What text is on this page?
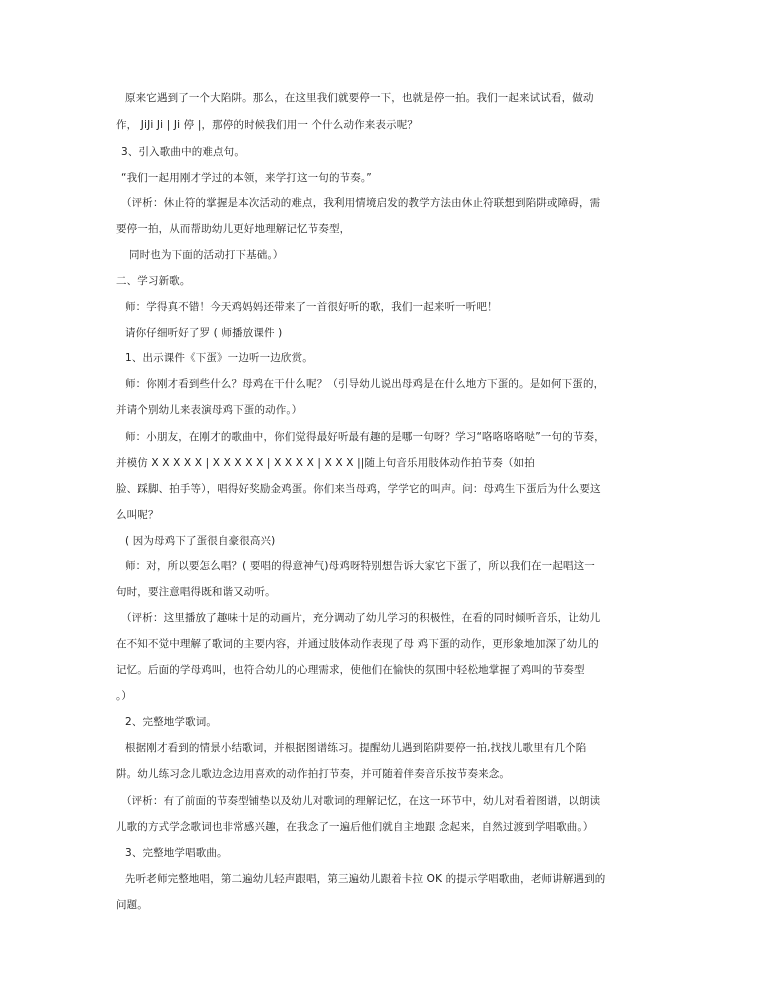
原来它遇到了一个大陷阱。那么，在这里我们就要停一下，也就是停一拍。我们一起来试试看，做动

作， JiJi Ji | Ji 停 |，那停的时候我们用一 个什么动作来表示呢？

3、引入歌曲中的难点句。

“我们一起用刚才学过的本领，来学打这一句的节奏。”

（评析：休止符的掌握是本次活动的难点，我利用情境启发的教学方法由休止符联想到陷阱或障碍，需

要停一拍，从而帮助幼儿更好地理解记忆节奏型，

同时也为下面的活动打下基础。）

二、学习新歌。

师：学得真不错！今天鸡妈妈还带来了一首很好听的歌，我们一起来听一听吧！

请你仔细听好了罗 ( 师播放课件 )

1、出示课件《下蛋》一边听一边欣赏。

师：你刚才看到些什么？母鸡在干什么呢？（引导幼儿说出母鸡是在什么地方下蛋的。是如何下蛋的，

并请个别幼儿来表演母鸡下蛋的动作。）

师：小朋友，在刚才的歌曲中，你们觉得最好听最有趣的是哪一句呀？学习“咯咯咯咯哒”一句的节奏，

并模仿 X X X X X | X X X X X | X X X X | X X X ||随上句音乐用肢体动作拍节奏（如拍

脸、踩脚、拍手等），唱得好奖励金鸡蛋。你们来当母鸡，学学它的叫声。问：母鸡生下蛋后为什么要这

么叫呢？

( 因为母鸡下了蛋很自豪很高兴)

师：对，所以要怎么唱？( 要唱的得意神气)母鸡呀特别想告诉大家它下蛋了，所以我们在一起唱这一

句时，要注意唱得既和谐又动听。

（评析：这里播放了趣味十足的动画片，充分调动了幼儿学习的积极性，在看的同时倾听音乐，让幼儿

在不知不觉中理解了歌词的主要内容，并通过肢体动作表现了母 鸡下蛋的动作，更形象地加深了幼儿的

记忆。后面的学母鸡叫，也符合幼儿的心理需求，使他们在愉快的氛围中轻松地掌握了鸡叫的节奏型

。）

2、完整地学歌词。

根据刚才看到的情景小结歌词，并根据图谱练习。提醒幼儿遇到陷阱要停一拍,找找儿歌里有几个陷

阱。幼儿练习念儿歌边念边用喜欢的动作拍打节奏，并可随着伴奏音乐按节奏来念。

（评析：有了前面的节奏型铺垫以及幼儿对歌词的理解记忆，在这一环节中，幼儿对看着图谱，以朗读

儿歌的方式学念歌词也非常感兴趣，在我念了一遍后他们就自主地跟 念起来，自然过渡到学唱歌曲。）

3、完整地学唱歌曲。

先听老师完整地唱，第二遍幼儿轻声跟唱，第三遍幼儿跟着卡拉 OK 的提示学唱歌曲，老师讲解遇到的

问题。
